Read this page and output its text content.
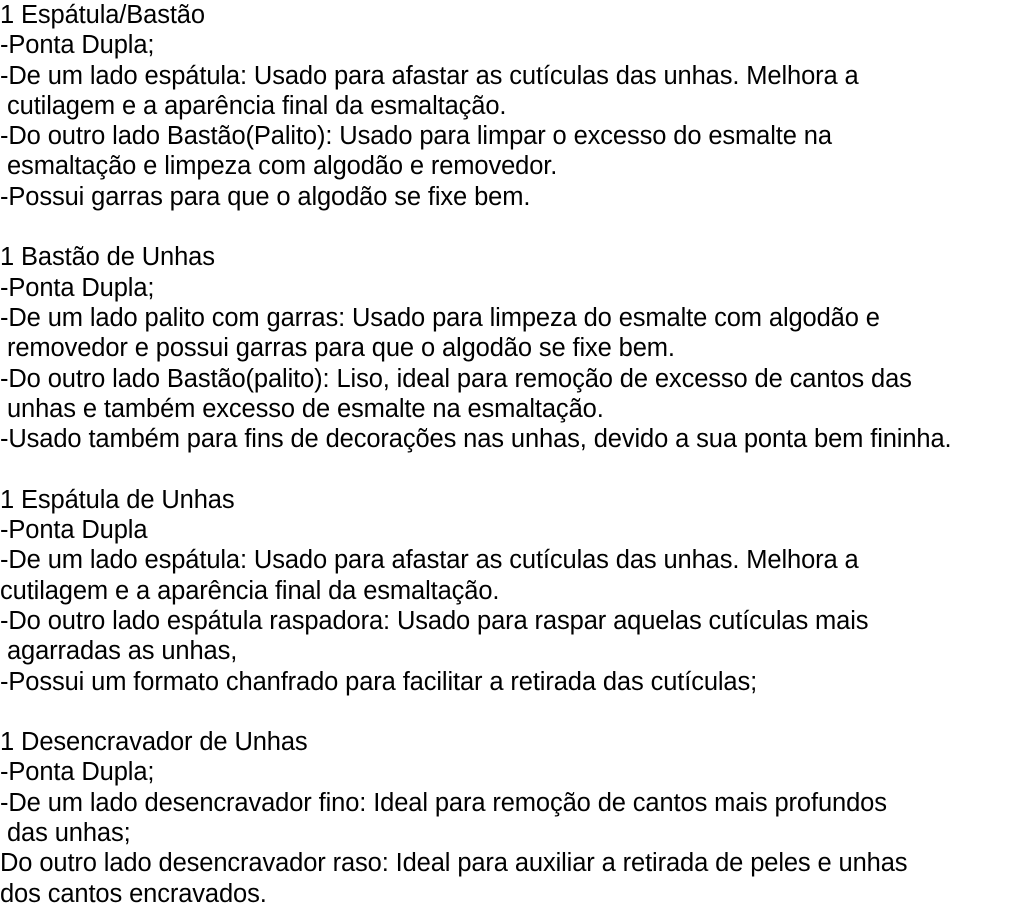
1 Espátula/Bastão
-Ponta Dupla;
-De um lado espátula: Usado para afastar as cutículas das unhas. Melhora a
cutilagem e a aparência final da esmaltação.
-Do outro lado Bastão(Palito): Usado para limpar o excesso do esmalte na
esmaltação e limpeza com algodão e removedor.
-Possui garras para que o algodão se fixe bem.
1 Bastão de Unhas
-Ponta Dupla;
-De um lado palito com garras: Usado para limpeza do esmalte com algodão e
removedor e possui garras para que o algodão se fixe bem.
-Do outro lado Bastão(palito): Liso, ideal para remoção de excesso de cantos das
unhas e também excesso de esmalte na esmaltação.
-Usado também para fins de decorações nas unhas, devido a sua ponta bem fininha.
1 Espátula de Unhas
-Ponta Dupla
-De um lado espátula: Usado para afastar as cutículas das unhas. Melhora a
cutilagem e a aparência final da esmaltação.
-Do outro lado espátula raspadora: Usado para raspar aquelas cutículas mais
agarradas as unhas,
-Possui um formato chanfrado para facilitar a retirada das cutículas;
1 Desencravador de Unhas
-Ponta Dupla;
-De um lado desencravador fino: Ideal para remoção de cantos mais profundos
das unhas;
Do outro lado desencravador raso: Ideal para auxiliar a retirada de peles e unhas
dos cantos encravados.
